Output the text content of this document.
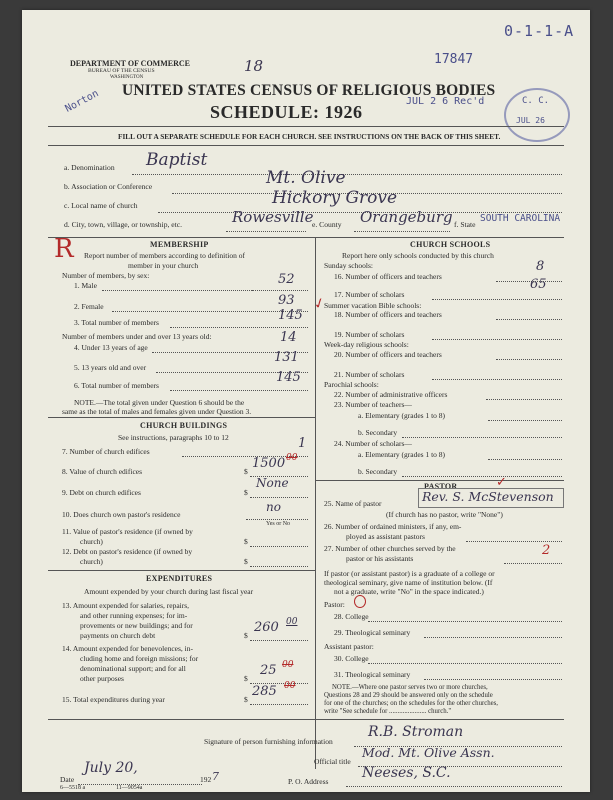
0-1-1-A
17847
18
DEPARTMENT OF COMMERCE
BUREAU OF THE CENSUS
WASHINGTON
Norton UNITED STATES CENSUS OF RELIGIOUS BODIES
SCHEDULE: 1926
JUL 2 6 Rec'd	C. C.
JUL 26
FILL OUT A SEPARATE SCHEDULE FOR EACH CHURCH. SEE INSTRUCTIONS ON THE BACK OF THIS SHEET.
a. Denomination Baptist
b. Association or Conference	Mt. Olive
c. Local name of church	Hickory Grove
d. City, town, village, or township, etc.	Rowesville
e. County Orangeburg f. State
SOUTH CAROLINA
R	MEMBERSHIP
Report number of members according to definition of
member in your church
Number of members, by sex:
1. Male	52
2. Female	93
3. Total number of members	145
Number of members under and over 13 years old:
4. Under 13 years of age
14
5. 13 years old and over
131
6. Total number of members
145
NOTE.—The total given under Question 6 should be the
same as the total of males and females given under Question 3.
CHURCH BUILDINGS
See instructions, paragraphs 10 to 12
7. Number of church edifices
1
8. Value of church edifices	$
1500 00
9. Debt on church edifices	$
None
10. Does church own pastor's residence
no
Yes or No
11. Value of pastor's residence (if owned by
church)	$
12. Debt on pastor's residence (if owned by
church)	$
EXPENDITURES
Amount expended by your church during last fiscal year
13. Amount expended for salaries, repairs,
and other running expenses; for im-
provements or new buildings; and for
payments on church debt	$
260 00
14. Amount expended for benevolences, in-
cluding home and foreign missions; for
denominational support; and for all
other purposes	$
25 00
15. Total expenditures during year	$
285 00
CHURCH SCHOOLS
Report here only schools conducted by this church
Sunday schools:
16. Number of officers and teachers
8
17. Number of scholars
65
Summer vacation Bible schools:
18. Number of officers and teachers
19. Number of scholars
Week-day religious schools:
20. Number of officers and teachers
21. Number of scholars
Parochial schools:
22. Number of administrative officers
23. Number of teachers—
a. Elementary (grades 1 to 8)
b. Secondary
24. Number of scholars—
a. Elementary (grades 1 to 8)
b. Secondary
PASTOR
25. Name of pastor	Rev. S. McStevenson
(If church has no pastor, write "None")
26. Number of ordained ministers, if any, em-
ployed as assistant pastors
27. Number of other churches served by the
pastor or his assistants
2
If pastor (or assistant pastor) is a graduate of a college or
theological seminary, give name of institution below. (If
not a graduate, write "No" in the space indicated.)
Pastor:
28. College
29. Theological seminary
Assistant pastor:
30. College
31. Theological seminary
NOTE.—Where one pastor serves two or more churches,
Questions 28 and 29 should be answered only on the schedule
for one of the churches; on the schedules for the other churches,
write "See schedule for ...................... church."
Signature of person furnishing information
R.B. Stroman
Official title
Mod. Mt. Olive Assn.
Date
July 20,
192 7	P. O. Address
Neeses, S.C.
6—5518 a	11—9054a
✓
✓
